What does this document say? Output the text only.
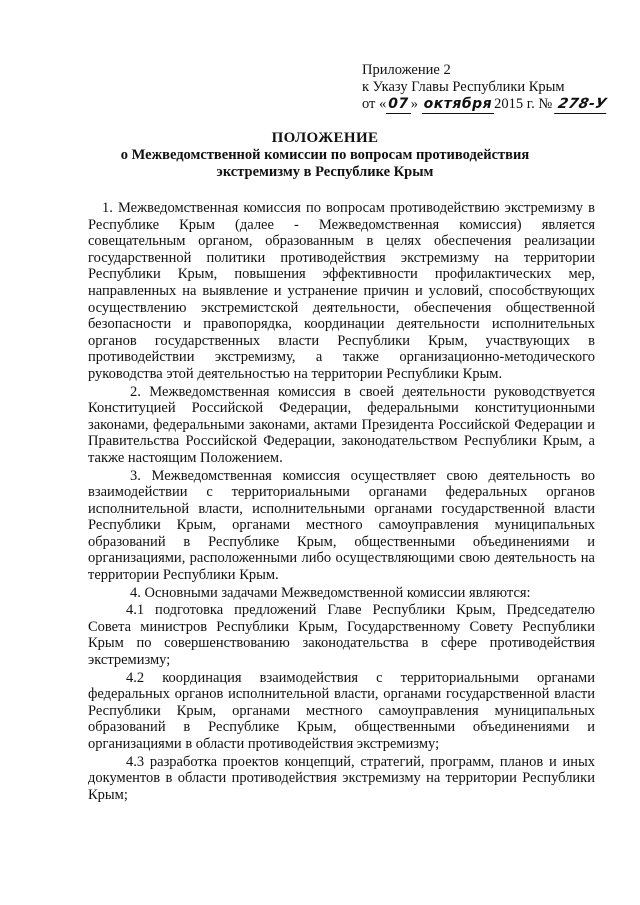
Приложение 2
к Указу Главы Республики Крым
от « 07 » октября 2015 г. № 278-У
ПОЛОЖЕНИЕ
о Межведомственной комиссии по вопросам противодействия
экстремизму в Республике Крым

1. Межведомственная комиссия по вопросам противодействию экстремизму в Республике Крым (далее - Межведомственная комиссия) является совещательным органом, образованным в целях обеспечения реализации государственной политики противодействия экстремизму на территории Республики Крым, повышения эффективности профилактических мер, направленных на выявление и устранение причин и условий, способствующих осуществлению экстремистской деятельности, обеспечения общественной безопасности и правопорядка, координации деятельности исполнительных органов государственных власти Республики Крым, участвующих в противодействии экстремизму, а также организационно-методического руководства этой деятельностью на территории Республики Крым.

2. Межведомственная комиссия в своей деятельности руководствуется Конституцией Российской Федерации, федеральными конституционными законами, федеральными законами, актами Президента Российской Федерации и Правительства Российской Федерации, законодательством Республики Крым, а также настоящим Положением.

3. Межведомственная комиссия осуществляет свою деятельность во взаимодействии с территориальными органами федеральных органов исполнительной власти, исполнительными органами государственной власти Республики Крым, органами местного самоуправления муниципальных образований в Республике Крым, общественными объединениями и организациями, расположенными либо осуществляющими свою деятельность на территории Республики Крым.

4. Основными задачами Межведомственной комиссии являются:

4.1 подготовка предложений Главе Республики Крым, Председателю Совета министров Республики Крым, Государственному Совету Республики Крым по совершенствованию законодательства в сфере противодействия экстремизму;

4.2 координация взаимодействия с территориальными органами федеральных органов исполнительной власти, органами государственной власти Республики Крым, органами местного самоуправления муниципальных образований в Республике Крым, общественными объединениями и организациями в области противодействия экстремизму;

4.3 разработка проектов концепций, стратегий, программ, планов и иных документов в области противодействия экстремизму на территории Республики Крым;
